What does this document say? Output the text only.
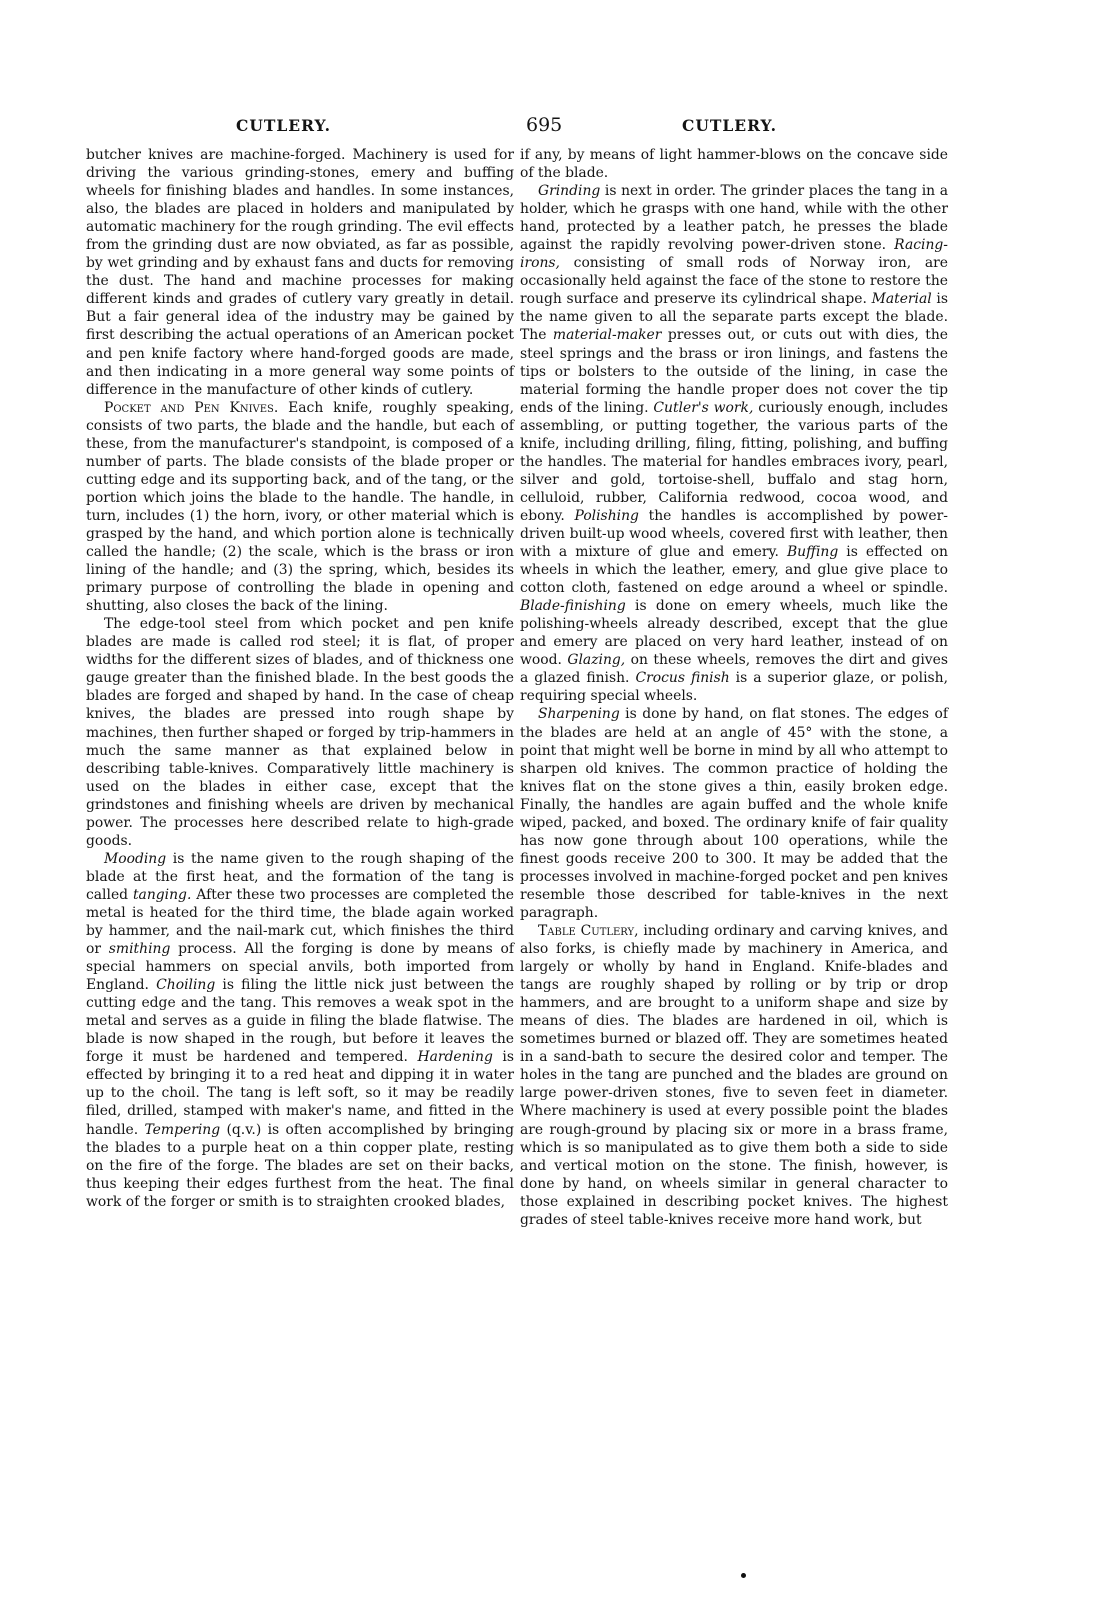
CUTLERY.	695	CUTLERY.

butcher knives are machine-forged. Machinery is used for driving the various grinding-stones, emery and buffing wheels for finishing blades and handles. In some instances, also, the blades are placed in holders and manipulated by automatic machinery for the rough grinding. The evil effects from the grinding dust are now obviated, as far as possible, by wet grinding and by exhaust fans and ducts for removing the dust. The hand and machine processes for making different kinds and grades of cutlery vary greatly in detail. But a fair general idea of the industry may be gained by first describing the actual operations of an American pocket and pen knife factory where hand-forged goods are made, and then indicating in a more general way some points of difference in the manufacture of other kinds of cutlery.

Pocket and Pen Knives. Each knife, roughly speaking, consists of two parts, the blade and the handle, but each of these, from the manufacturer's standpoint, is composed of a number of parts. The blade consists of the blade proper or cutting edge and its supporting back, and of the tang, or the portion which joins the blade to the handle. The handle, in turn, includes (1) the horn, ivory, or other material which is grasped by the hand, and which portion alone is technically called the handle; (2) the scale, which is the brass or iron lining of the handle; and (3) the spring, which, besides its primary purpose of controlling the blade in opening and shutting, also closes the back of the lining.

The edge-tool steel from which pocket and pen knife blades are made is called rod steel; it is flat, of proper widths for the different sizes of blades, and of thickness one gauge greater than the finished blade. In the best goods the blades are forged and shaped by hand. In the case of cheap knives, the blades are pressed into rough shape by machines, then further shaped or forged by trip-hammers in much the same manner as that explained below in describing table-knives. Comparatively little machinery is used on the blades in either case, except that the grindstones and finishing wheels are driven by mechanical power. The processes here described relate to high-grade goods.

Mooding is the name given to the rough shaping of the blade at the first heat, and the formation of the tang is called tanging. After these two processes are completed the metal is heated for the third time, the blade again worked by hammer, and the nail-mark cut, which finishes the third or smithing process. All the forging is done by means of special hammers on special anvils, both imported from England. Choiling is filing the little nick just between the cutting edge and the tang. This removes a weak spot in the metal and serves as a guide in filing the blade flatwise. The blade is now shaped in the rough, but before it leaves the forge it must be hardened and tempered. Hardening is effected by bringing it to a red heat and dipping it in water up to the choil. The tang is left soft, so it may be readily filed, drilled, stamped with maker's name, and fitted in the handle. Tempering (q.v.) is often accomplished by bringing the blades to a purple heat on a thin copper plate, resting on the fire of the forge. The blades are set on their backs, thus keeping their edges furthest from the heat. The final work of the forger or smith is to straighten crooked blades,

if any, by means of light hammer-blows on the concave side of the blade.

Grinding is next in order. The grinder places the tang in a holder, which he grasps with one hand, while with the other hand, protected by a leather patch, he presses the blade against the rapidly revolving power-driven stone. Racing-irons, consisting of small rods of Norway iron, are occasionally held against the face of the stone to restore the rough surface and preserve its cylindrical shape. Material is the name given to all the separate parts except the blade. The material-maker presses out, or cuts out with dies, the steel springs and the brass or iron linings, and fastens the tips or bolsters to the outside of the lining, in case the material forming the handle proper does not cover the tip ends of the lining. Cutler's work, curiously enough, includes assembling, or putting together, the various parts of the knife, including drilling, filing, fitting, polishing, and buffing the handles. The material for handles embraces ivory, pearl, silver and gold, tortoise-shell, buffalo and stag horn, celluloid, rubber, California redwood, cocoa wood, and ebony. Polishing the handles is accomplished by power-driven built-up wood wheels, covered first with leather, then with a mixture of glue and emery. Buffing is effected on wheels in which the leather, emery, and glue give place to cotton cloth, fastened on edge around a wheel or spindle. Blade-finishing is done on emery wheels, much like the polishing-wheels already described, except that the glue and emery are placed on very hard leather, instead of on wood. Glazing, on these wheels, removes the dirt and gives a glazed finish. Crocus finish is a superior glaze, or polish, requiring special wheels.

Sharpening is done by hand, on flat stones. The edges of the blades are held at an angle of 45° with the stone, a point that might well be borne in mind by all who attempt to sharpen old knives. The common practice of holding the knives flat on the stone gives a thin, easily broken edge. Finally, the handles are again buffed and the whole knife wiped, packed, and boxed. The ordinary knife of fair quality has now gone through about 100 operations, while the finest goods receive 200 to 300. It may be added that the processes involved in machine-forged pocket and pen knives resemble those described for table-knives in the next paragraph.

Table Cutlery, including ordinary and carving knives, and also forks, is chiefly made by machinery in America, and largely or wholly by hand in England. Knife-blades and tangs are roughly shaped by rolling or by trip or drop hammers, and are brought to a uniform shape and size by means of dies. The blades are hardened in oil, which is sometimes burned or blazed off. They are sometimes heated in a sand-bath to secure the desired color and temper. The holes in the tang are punched and the blades are ground on large power-driven stones, five to seven feet in diameter. Where machinery is used at every possible point the blades are rough-ground by placing six or more in a brass frame, which is so manipulated as to give them both a side to side and vertical motion on the stone. The finish, however, is done by hand, on wheels similar in general character to those explained in describing pocket knives. The highest grades of steel table-knives receive more hand work, but
